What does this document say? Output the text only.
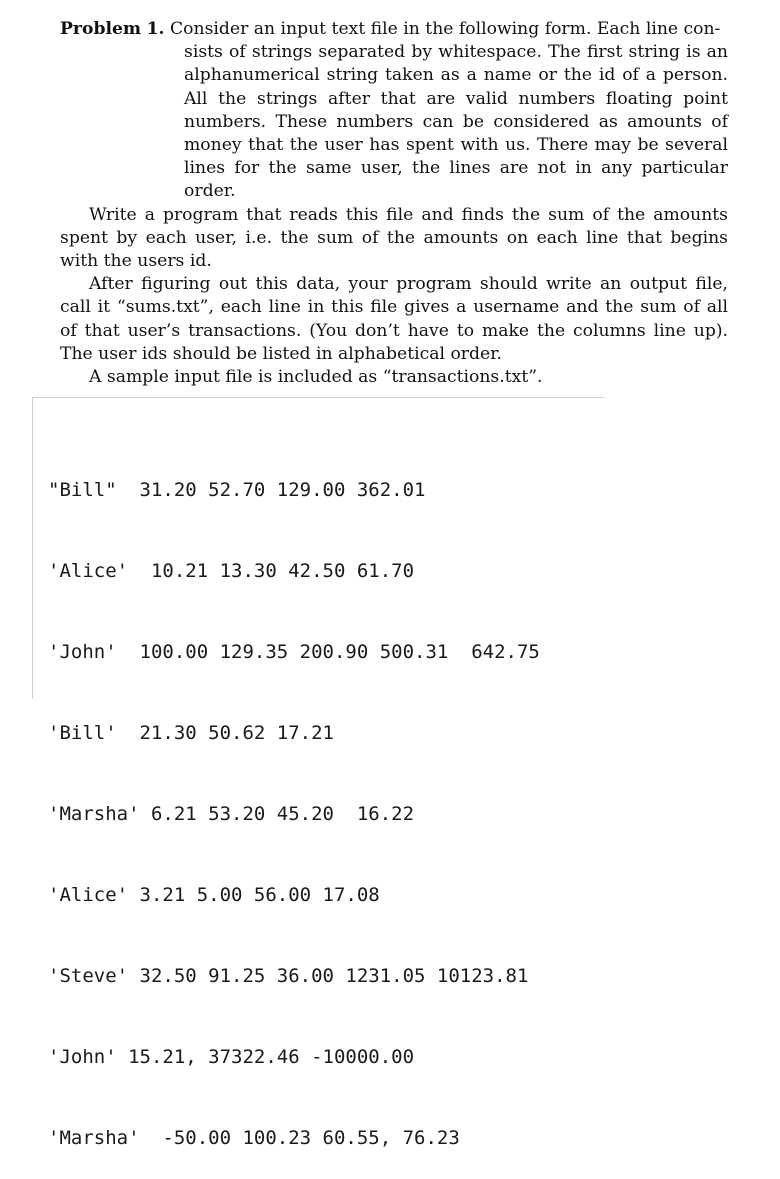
Problem 1. Consider an input text file in the following form. Each line con-
sists of strings separated by whitespace. The first string is an alphanumerical string taken as a name or the id of a person. All the strings after that are valid numbers floating point numbers. These numbers can be considered as amounts of money that the user has spent with us. There may be several lines for the same user, the lines are not in any particular order.

Write a program that reads this file and finds the sum of the amounts spent by each user, i.e. the sum of the amounts on each line that begins with the users id.

After figuring out this data, your program should write an output file, call it “sums.txt”, each line in this file gives a username and the sum of all of that user’s transactions. (You don’t have to make the columns line up). The user ids should be listed in alphabetical order.

A sample input file is included as “transactions.txt”.

"Bill"  31.20 52.70 129.00 362.01

'Alice'  10.21 13.30 42.50 61.70

'John'  100.00 129.35 200.90 500.31  642.75

'Bill'  21.30 50.62 17.21

'Marsha' 6.21 53.20 45.20  16.22

'Alice' 3.21 5.00 56.00 17.08

'Steve' 32.50 91.25 36.00 1231.05 10123.81

'John' 15.21, 37322.46 -10000.00

'Marsha'  -50.00 100.23 60.55, 76.23
